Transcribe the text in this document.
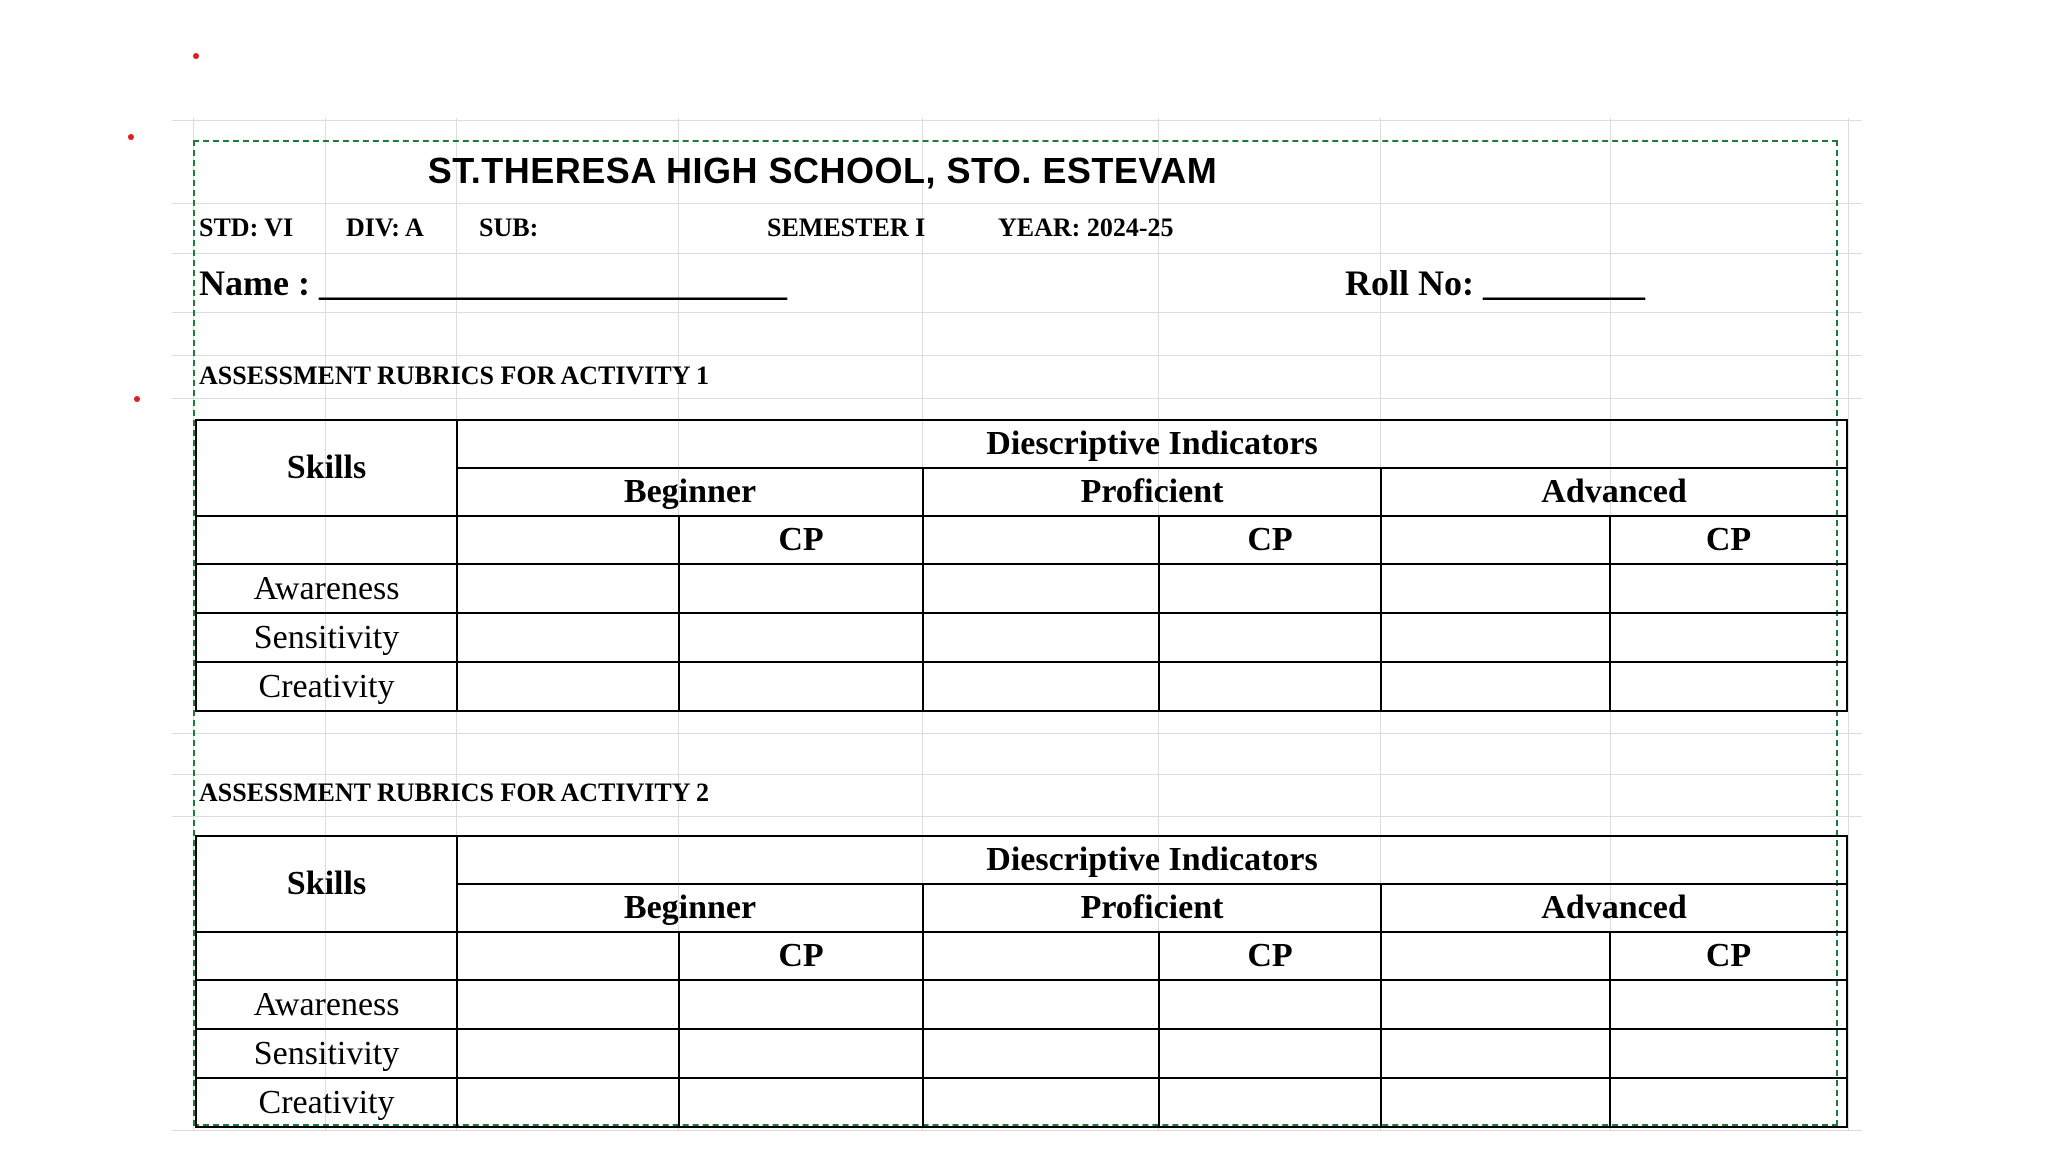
ST.THERESA HIGH SCHOOL, STO. ESTEVAM
STD: VI DIV: A SUB:	SEMESTER I	YEAR: 2024-25
Name : __________________________	Roll No: _________
ASSESSMENT RUBRICS FOR ACTIVITY 1
Skills	Diescriptive Indicators					
	Beginner		Proficient		Advanced	
		CP		CP		CP
Awareness						
Sensitivity						
Creativity						
ASSESSMENT RUBRICS FOR ACTIVITY 2
Skills	Diescriptive Indicators					
	Beginner		Proficient		Advanced	
		CP		CP		CP
Awareness						
Sensitivity						
Creativity						
